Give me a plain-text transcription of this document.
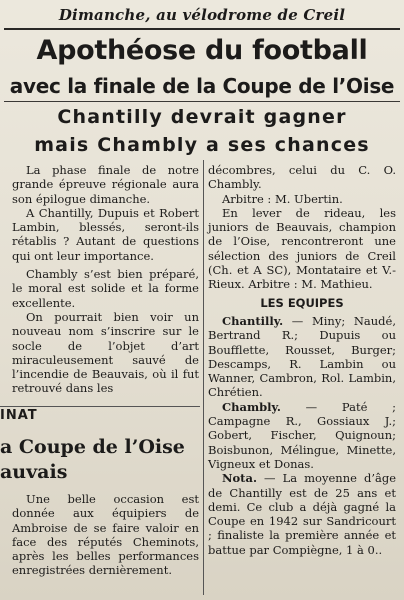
Dimanche, au vélodrome de Creil
Apothéose du football
avec la finale de la Coupe de l’Oise
Chantilly devrait gagner
mais Chambly a ses chances

La phase finale de notre grande épreuve régionale aura son épilogue dimanche.

A Chantilly, Dupuis et Robert Lambin, blessés, seront-ils rétablis ? Autant de questions qui ont leur importance.

Chambly s’est bien préparé, le moral est solide et la forme excellente.

On pourrait bien voir un nouveau nom s’inscrire sur le socle de l’objet d’art miraculeusement sauvé de l’incendie de Beauvais, où il fut retrouvé dans les

décombres, celui du C. O. Chambly.

Arbitre : M. Ubertin.

En lever de rideau, les juniors de Beauvais, champion de l’Oise, rencontreront une sélection des juniors de Creil (Ch. et A SC), Montataire et V.-Rieux. Arbitre : M. Mathieu.

LES EQUIPES

Chantilly. — Miny; Naudé, Bertrand R.; Dupuis ou Boufflette, Rousset, Burger; Descamps, R. Lambin ou Wanner, Cambron, Rol. Lambin, Chrétien.

Chambly. — Paté ; Campagne R., Gossiaux J.; Gobert, Fischer, Quignoun; Boisbunon, Mélingue, Minette, Vigneux et Donas.

Nota. — La moyenne d’âge de Chantilly est de 25 ans et demi. Ce club a déjà gagné la Coupe en 1942 sur Sandricourt ; finaliste la première année et battue par Compiègne, 1 à 0..

INAT
a Coupe de l’Oise
auvais

Une belle occasion est donnée aux équipiers de Ambroise de se faire valoir en face des réputés Cheminots, après les belles performances enregistrées dernièrement.
